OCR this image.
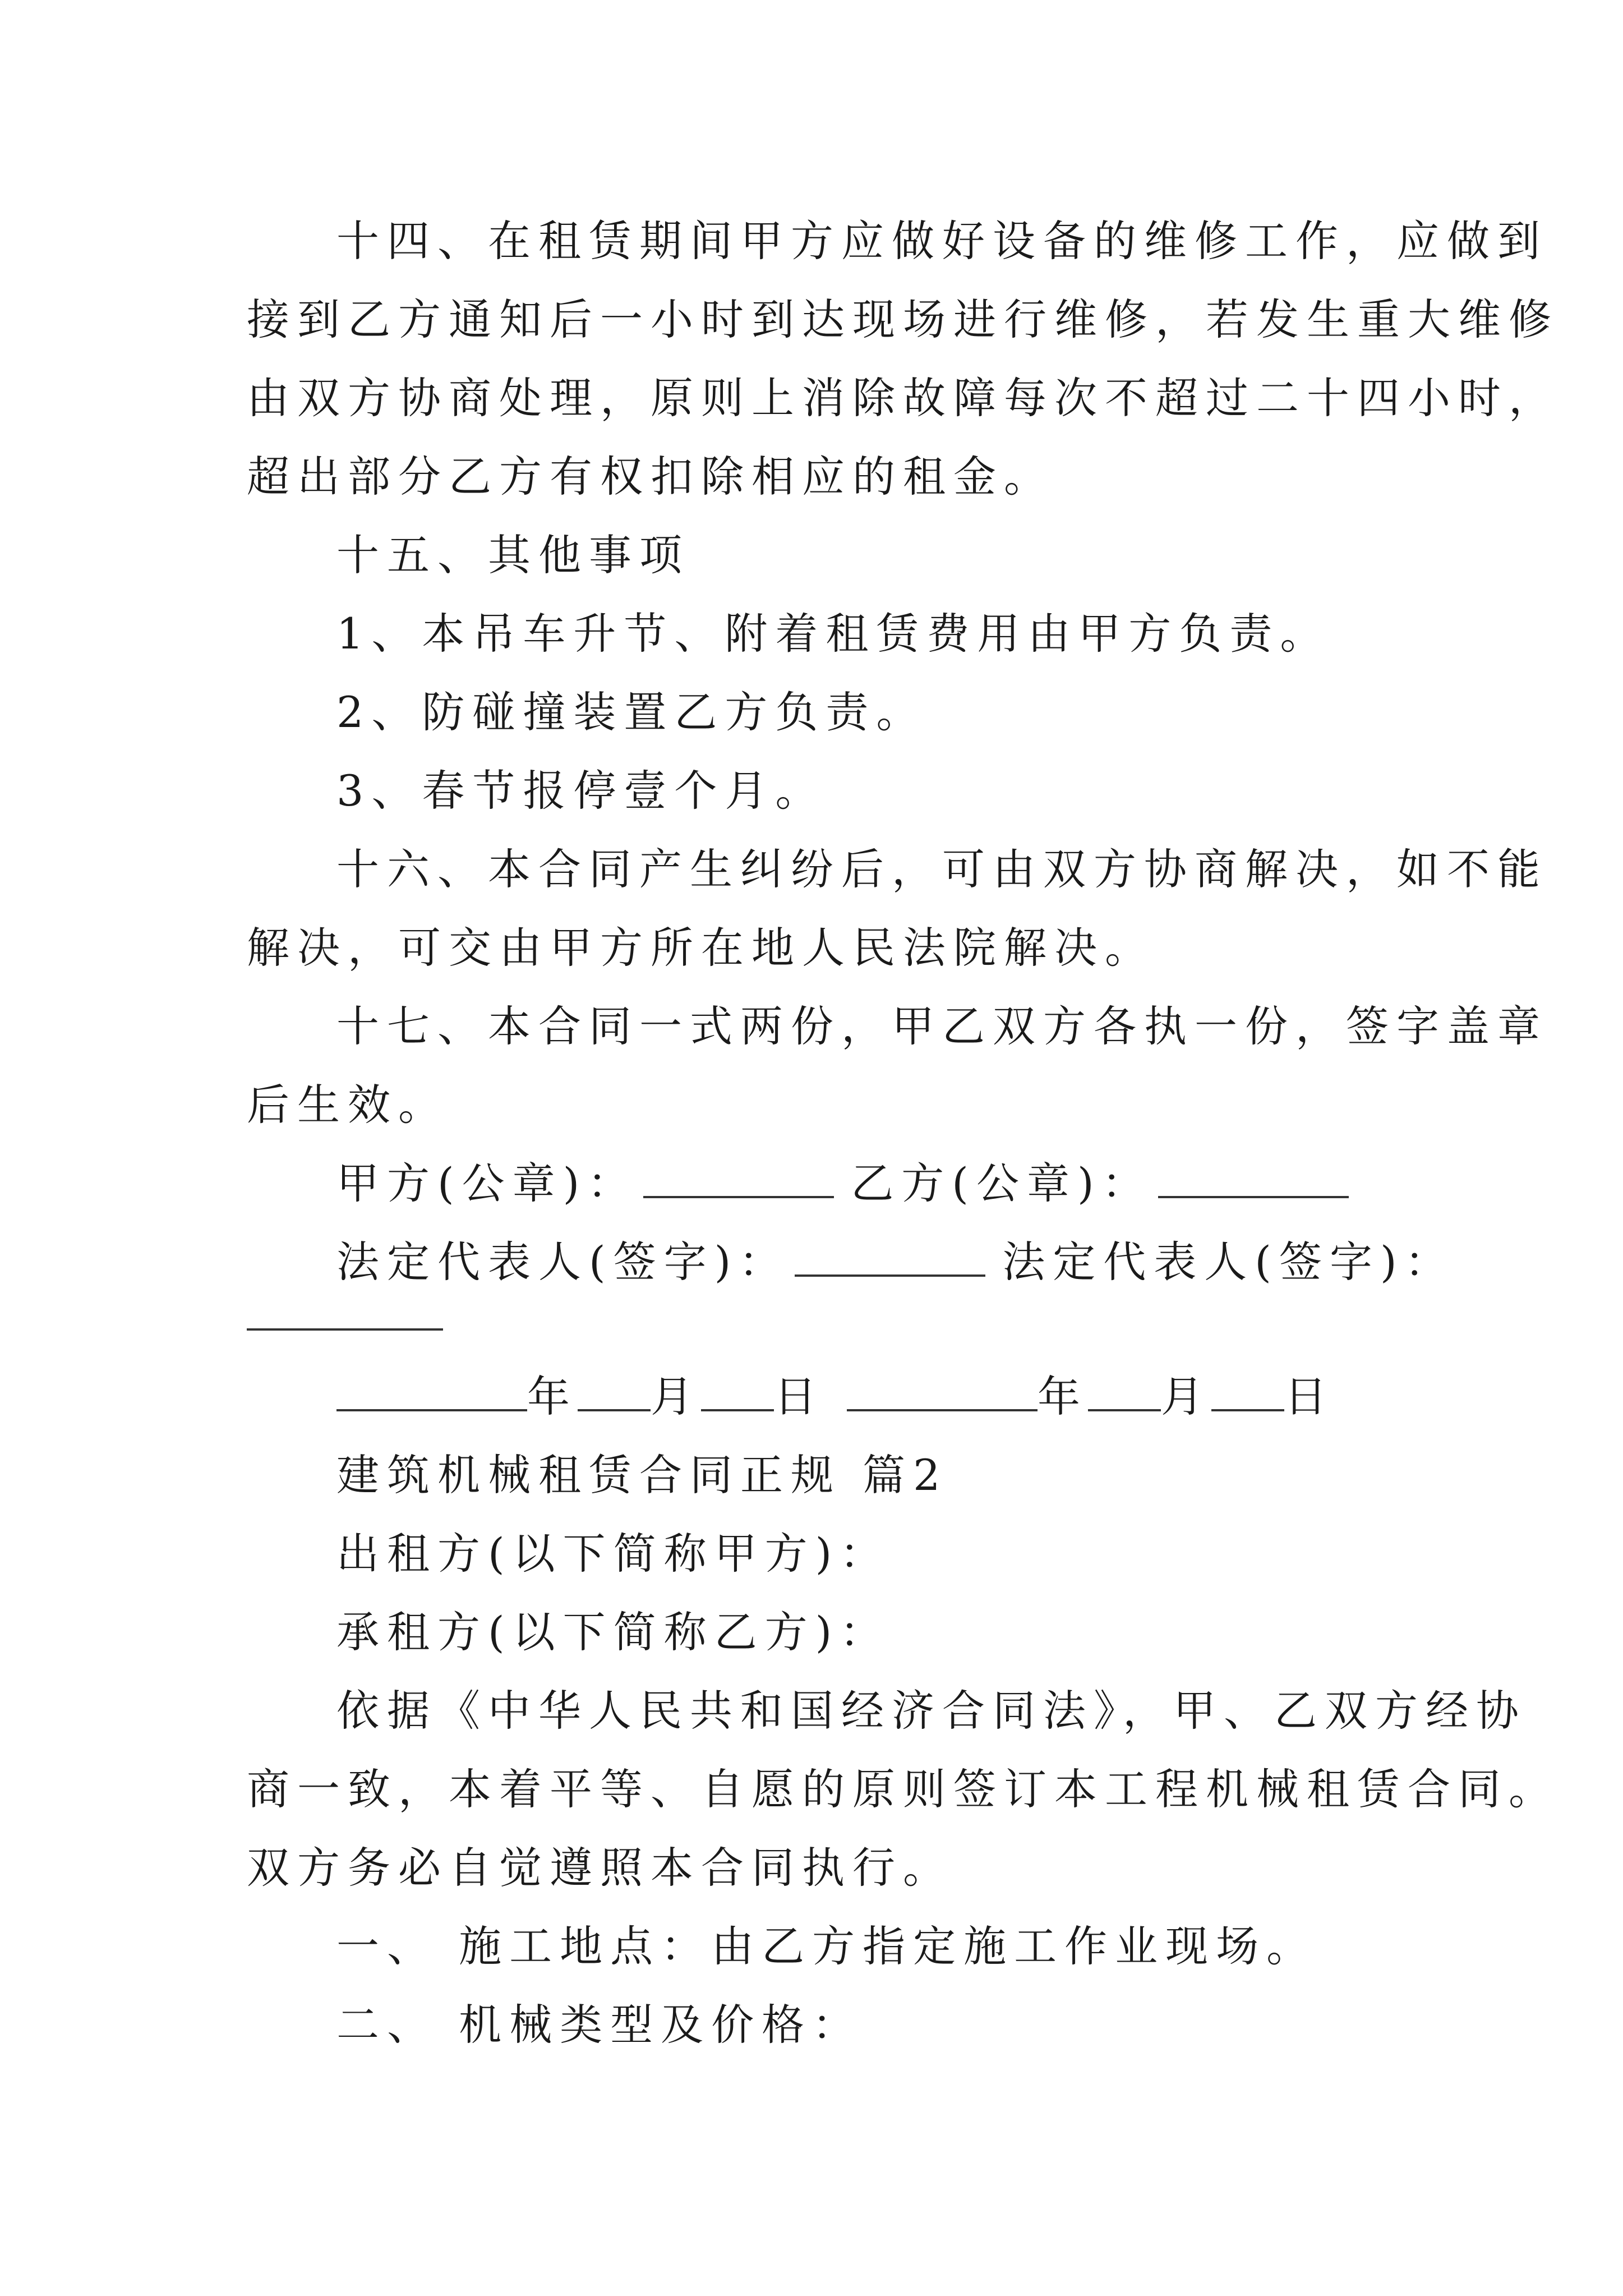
十四、在租赁期间甲方应做好设备的维修工作，应做到
接到乙方通知后一小时到达现场进行维修，若发生重大维修
由双方协商处理，原则上消除故障每次不超过二十四小时，
超出部分乙方有权扣除相应的租金。
十五、其他事项
1、本吊车升节、附着租赁费用由甲方负责。
2、防碰撞装置乙方负责。
3、春节报停壹个月。
十六、本合同产生纠纷后，可由双方协商解决，如不能
解决，可交由甲方所在地人民法院解决。
十七、本合同一式两份，甲乙双方各执一份，签字盖章
后生效。
甲方(公章)：	乙方(公章)：
法定代表人(签字)：	法定代表人(签字)：
年 月 日	年 月 日
建筑机械租赁合同正规 篇2
出租方(以下简称甲方)：
承租方(以下简称乙方)：
依据《中华人民共和国经济合同法》，甲、乙双方经协
商一致，本着平等、自愿的原则签订本工程机械租赁合同。
双方务必自觉遵照本合同执行。
一、 施工地点：由乙方指定施工作业现场。
二、 机械类型及价格：
